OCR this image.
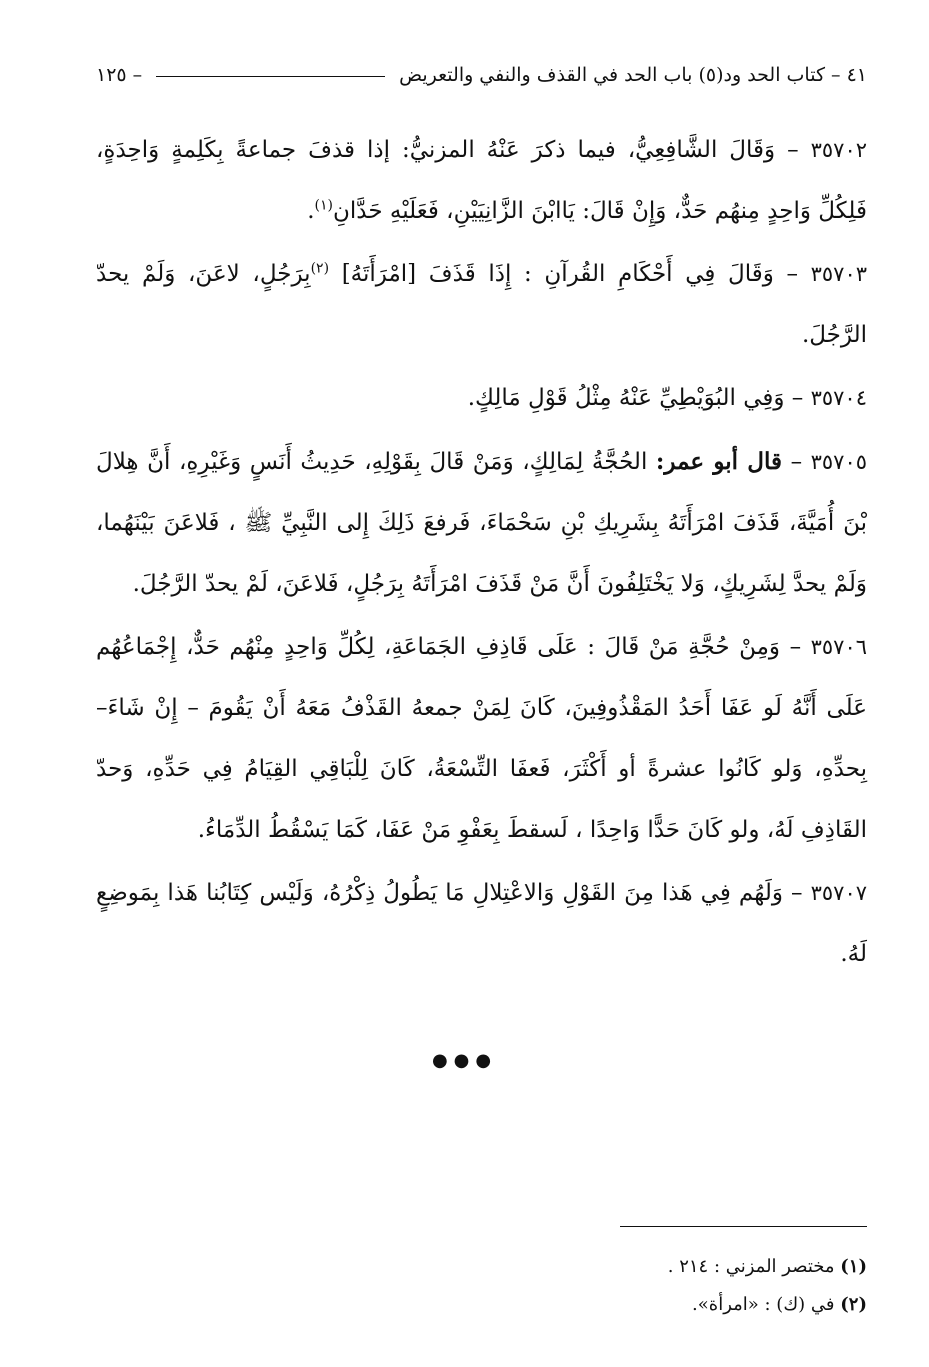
٤١ – كتاب الحد ود(٥) باب الحد في القذف والنفي والتعريض
– ١٢٥

٣٥٧٠٢ – وَقَالَ الشَّافِعِيُّ، فيما ذكرَ عَنْهُ المزنيُّ: إذا قذفَ جماعةً بِكَلِمةٍ وَاحِدَةٍ، فَلِكُلِّ وَاحِدٍ مِنهُم حَدٌّ، وَإِنْ قَالَ: يَاابْنَ الزَّانِيَيْنِ، فَعَلَيْهِ حَدَّانِ$^{(١)}$.

٣٥٧٠٣ – وَقَالَ فِي أَحْكَامِ القُرآنِ : إِذَا قَذَفَ [امْرَأَتَهُ] $^{(٢)}$بِرَجُلٍ، لاعَنَ، وَلَمْ يحدّ الرَّجُلَ.

٣٥٧٠٤ – وَفِي البُوَيْطِيِّ عَنْهُ مِثْلُ قَوْلِ مَالِكٍ.

٣٥٧٠٥ – قال أبو عمر: الحُجَّةُ لِمَالِكٍ، وَمَنْ قَالَ بِقَوْلِهِ، حَدِيثُ أَنَسٍ وَغَيْرِهِ، أَنَّ هِلالَ بْنَ أُمَيَّةَ، قَذَفَ امْرَأَتَهُ بِشَرِيكِ بْنِ سَحْمَاءَ، فَرفعَ ذَلِكَ إِلى النَّبِيِّ ﷺ ، فَلاعَنَ بَيْنَهُما، وَلَمْ يحدَّ لِشَرِيكٍ، وَلا يَخْتَلِفُونَ أَنَّ مَنْ قَذَفَ امْرَأَتَهُ بِرَجُلٍ، فَلاعَنَ، لَمْ يحدّ الرَّجُلَ.

٣٥٧٠٦ – وَمِنْ حُجَّةِ مَنْ قَالَ : عَلَى قَاذِفِ الجَمَاعَةِ، لِكُلِّ وَاحِدٍ مِنْهُم حَدٌّ، إِجْمَاعُهُم عَلَى أَنَّهُ لَو عَفَا أَحَدُ المَقْذُوفِينَ، كَانَ لِمَنْ جمعهُ القَذْفُ مَعَهُ أَنْ يَقُومَ – إِنْ شَاءَ– بِحدِّهِ، وَلو كَانُوا عشرةً أو أَكْثَرَ، فَعفَا التِّسْعَةُ، كَانَ لِلْبَاقِي القِيَامُ فِي حَدِّهِ، وَحدّ القَاذِفِ لَهُ، ولو كَانَ حَدًّا وَاحِدًا ، لَسقطَ بِعَفْوِ مَنْ عَفَا، كَمَا يَسْقُطُ الدِّمَاءُ.

٣٥٧٠٧ – وَلَهُم فِي هَذا مِنَ القَوْلِ وَالاعْتِلالِ مَا يَطُولُ ذِكْرُهُ، وَلَيْس كِتَابُنا هَذا بِمَوضِعٍ لَهُ.

●●●

(١) مختصر المزني : ٢١٤ .

(٢) في (ك) : «امرأة».
